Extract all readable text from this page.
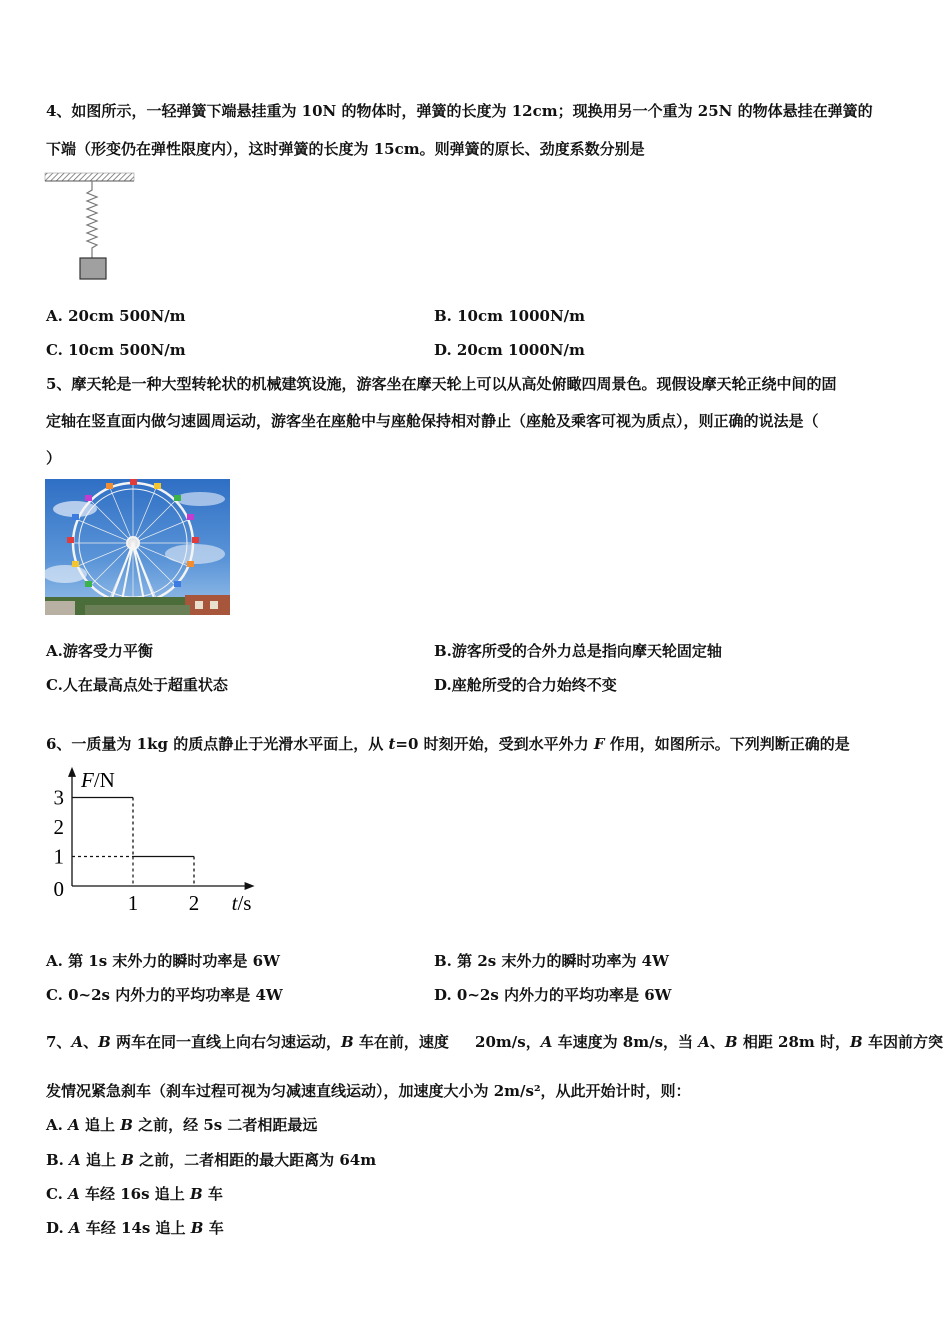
4、如图所示，一轻弹簧下端悬挂重为 10N 的物体时，弹簧的长度为 12cm；现换用另一个重为 25N 的物体悬挂在弹簧的
下端（形变仍在弹性限度内），这时弹簧的长度为 15cm。则弹簧的原长、劲度系数分别是
A. 20cm 500N/m	B. 10cm 1000N/m
C. 10cm 500N/m	D. 20cm 1000N/m
5、摩天轮是一种大型转轮状的机械建筑设施，游客坐在摩天轮上可以从高处俯瞰四周景色。现假设摩天轮正绕中间的固
定轴在竖直面内做匀速圆周运动，游客坐在座舱中与座舱保持相对静止（座舱及乘客可视为质点），则正确的说法是（
）
A.游客受力平衡	B.游客所受的合外力总是指向摩天轮固定轴
C.人在最高点处于超重状态	D.座舱所受的合力始终不变
6、一质量为 1kg 的质点静止于光滑水平面上，从 t=0 时刻开始，受到水平外力 F 作用，如图所示。下列判断正确的是
1
2
3
0
1 2
F/N
t/s
A. 第 1s 末外力的瞬时功率是 6W	B. 第 2s 末外力的瞬时功率为 4W
C. 0~2s 内外力的平均功率是 4W	D. 0~2s 内外力的平均功率是 6W
7、A、B 两车在同一直线上向右匀速运动，B 车在前，速度     20m/s，A 车速度为 8m/s，当 A、B 相距 28m 时，B 车因前方突
发情况紧急刹车（刹车过程可视为匀减速直线运动），加速度大小为 2m/s²，从此开始计时，则：
A. A 追上 B 之前，经 5s 二者相距最远
B. A 追上 B 之前，二者相距的最大距离为 64m
C. A 车经 16s 追上 B 车
D. A 车经 14s 追上 B 车
